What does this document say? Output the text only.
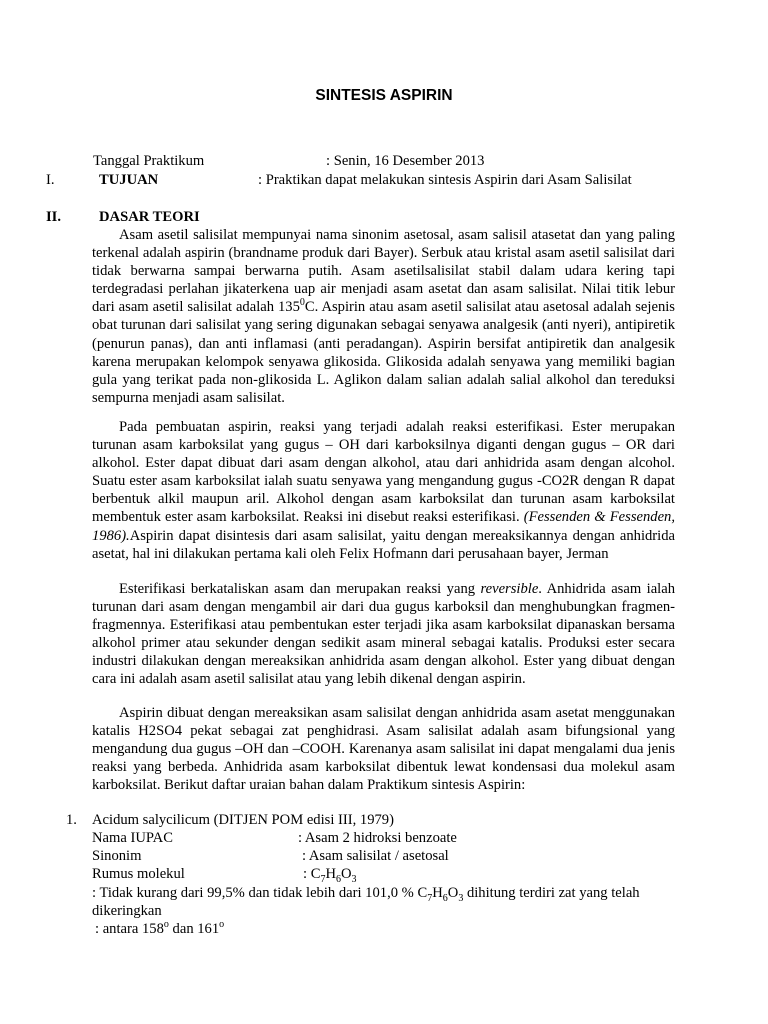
SINTESIS ASPIRIN
Tanggal Praktikum	: Senin, 16 Desember 2013
I.	TUJUAN	: Praktikan dapat melakukan sintesis Aspirin dari Asam Salisilat
II.	DASAR TEORI

Asam asetil salisilat mempunyai nama sinonim asetosal, asam salisil atasetat dan yang paling terkenal adalah aspirin (brandname produk dari Bayer). Serbuk atau kristal asam asetil salisilat dari tidak berwarna sampai berwarna putih. Asam asetilsalisilat stabil dalam udara kering tapi terdegradasi perlahan jikaterkena uap air menjadi asam asetat dan asam salisilat. Nilai titik lebur dari asam asetil salisilat adalah $135^0C$. Aspirin atau asam asetil salisilat atau asetosal adalah sejenis obat turunan dari salisilat yang sering digunakan sebagai senyawa analgesik (anti nyeri), antipiretik (penurun panas), dan anti inflamasi (anti peradangan). Aspirin bersifat antipiretik dan analgesik karena merupakan kelompok senyawa glikosida. Glikosida adalah senyawa yang memiliki bagian gula yang terikat pada non-glikosida L. Aglikon dalam salian adalah salial alkohol dan tereduksi sempurna menjadi asam salisilat.

Pada pembuatan aspirin, reaksi yang terjadi adalah reaksi esterifikasi. Ester merupakan turunan asam karboksilat yang gugus – OH dari karboksilnya diganti dengan gugus – OR dari alkohol. Ester dapat dibuat dari asam dengan alkohol, atau dari anhidrida asam dengan alcohol. Suatu ester asam karboksilat ialah suatu senyawa yang mengandung gugus -CO2R dengan R dapat berbentuk alkil maupun aril. Alkohol dengan asam karboksilat dan turunan asam karboksilat membentuk ester asam karboksilat. Reaksi ini disebut reaksi esterifikasi. (Fessenden & Fessenden, 1986).Aspirin dapat disintesis dari asam salisilat, yaitu dengan mereaksikannya dengan anhidrida asetat, hal ini dilakukan pertama kali oleh Felix Hofmann dari perusahaan bayer, Jerman

Esterifikasi berkataliskan asam dan merupakan reaksi yang reversible. Anhidrida asam ialah turunan dari asam dengan mengambil air dari dua gugus karboksil dan menghubungkan fragmen-fragmennya. Esterifikasi atau pembentukan ester terjadi jika asam karboksilat dipanaskan bersama alkohol primer atau sekunder dengan sedikit asam mineral sebagai katalis. Produksi ester secara industri dilakukan dengan mereaksikan anhidrida asam dengan alkohol. Ester yang dibuat dengan cara ini adalah asam asetil salisilat atau yang lebih dikenal dengan aspirin.

Aspirin dibuat dengan mereaksikan asam salisilat dengan anhidrida asam asetat menggunakan katalis H2SO4 pekat sebagai zat penghidrasi. Asam salisilat adalah asam bifungsional yang mengandung dua gugus –OH dan –COOH. Karenanya asam salisilat ini dapat mengalami dua jenis reaksi yang berbeda. Anhidrida asam karboksilat dibentuk lewat kondensasi dua molekul asam karboksilat. Berikut daftar uraian bahan dalam Praktikum sintesis Aspirin:

1. Acidum salycilicum (DITJEN POM edisi III, 1979)
Nama IUPAC	: Asam 2 hidroksi benzoate
Sinonim	: Asam salisilat / asetosal
Rumus molekul	: $C_7H_6O_3$
: Tidak kurang dari 99,5% dan tidak lebih dari 101,0 % $C_7H_6O_3$ dihitung terdiri zat yang telah
dikeringkan
: antara 158$^o$ dan 161$^o$
